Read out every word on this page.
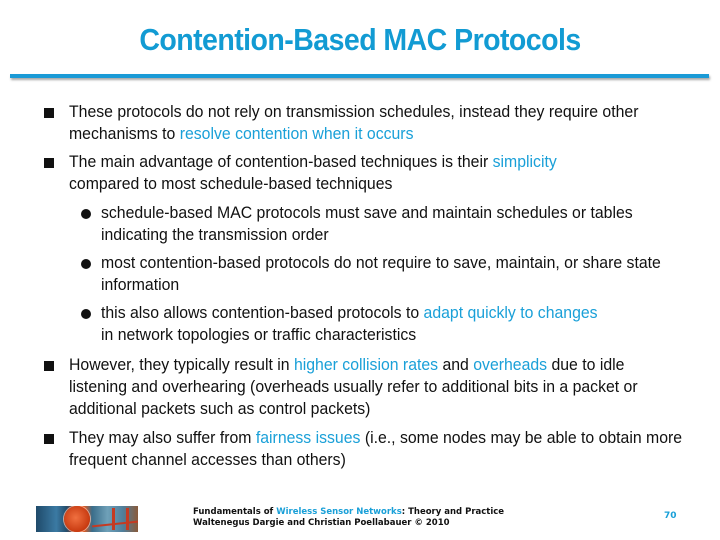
Contention-Based MAC Protocols
These protocols do not rely on transmission schedules, instead they require other mechanisms to resolve contention when it occurs
The main advantage of contention-based techniques is their simplicity
compared to most schedule-based techniques
schedule-based MAC protocols must save and maintain schedules or tables indicating the transmission order
most contention-based protocols do not require to save, maintain, or share state information
this also allows contention-based protocols to adapt quickly to changes
in network topologies or traffic characteristics
However, they typically result in higher collision rates and overheads due to idle listening and overhearing (overheads usually refer to additional bits in a packet or additional packets such as control packets)
They may also suffer from fairness issues (i.e., some nodes may be able to obtain more frequent channel accesses than others)
Fundamentals of Wireless Sensor Networks: Theory and Practice
Waltenegus Dargie and Christian Poellabauer © 2010
70
